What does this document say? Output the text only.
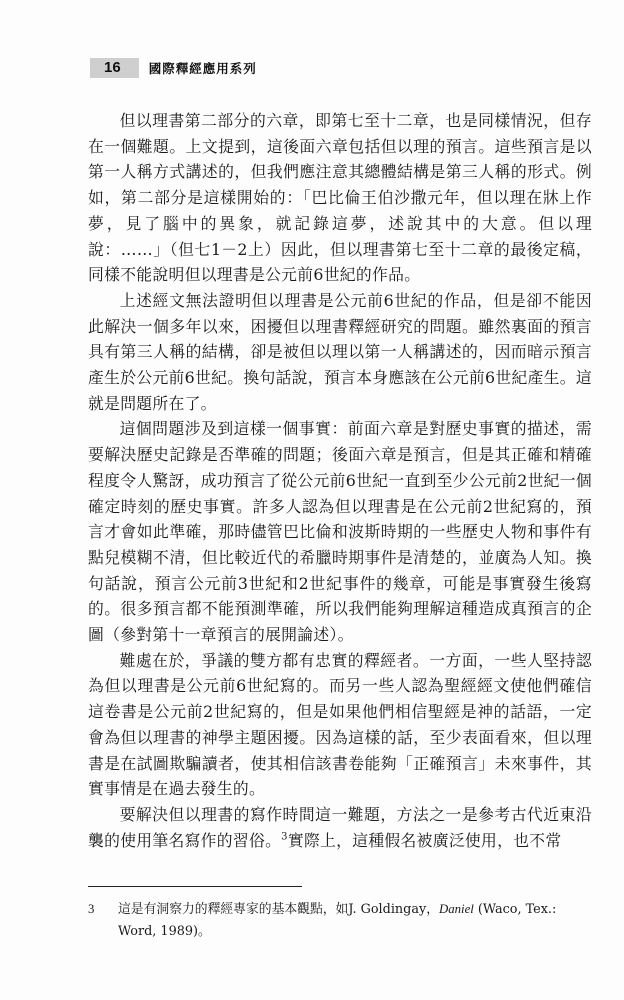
16	國際釋經應用系列

但以理書第二部分的六章，即第七至十二章，也是同樣情況，但存在一個難題。上文提到，這後面六章包括但以理的預言。這些預言是以第一人稱方式講述的，但我們應注意其總體結構是第三人稱的形式。例如，第二部分是這樣開始的：「巴比倫王伯沙撒元年，但以理在牀上作夢，見了腦中的異象，就記錄這夢，述說其中的大意。但以理說：……」（但七1－2上）因此，但以理書第七至十二章的最後定稿，同樣不能說明但以理書是公元前6世紀的作品。

上述經文無法證明但以理書是公元前6世紀的作品，但是卻不能因此解決一個多年以來，困擾但以理書釋經研究的問題。雖然裏面的預言具有第三人稱的結構，卻是被但以理以第一人稱講述的，因而暗示預言產生於公元前6世紀。換句話說，預言本身應該在公元前6世紀產生。這就是問題所在了。

這個問題涉及到這樣一個事實：前面六章是對歷史事實的描述，需要解決歷史記錄是否準確的問題；後面六章是預言，但是其正確和精確程度令人驚訝，成功預言了從公元前6世紀一直到至少公元前2世紀一個確定時刻的歷史事實。許多人認為但以理書是在公元前2世紀寫的，預言才會如此準確，那時儘管巴比倫和波斯時期的一些歷史人物和事件有點兒模糊不清，但比較近代的希臘時期事件是清楚的，並廣為人知。換句話說，預言公元前3世紀和2世紀事件的幾章，可能是事實發生後寫的。很多預言都不能預測準確，所以我們能夠理解這種造成真預言的企圖（參對第十一章預言的展開論述）。

難處在於，爭議的雙方都有忠實的釋經者。一方面，一些人堅持認為但以理書是公元前6世紀寫的。而另一些人認為聖經經文使他們確信這卷書是公元前2世紀寫的，但是如果他們相信聖經是神的話語，一定會為但以理書的神學主題困擾。因為這樣的話，至少表面看來，但以理書是在試圖欺騙讀者，使其相信該書卷能夠「正確預言」未來事件，其實事情是在過去發生的。

要解決但以理書的寫作時間這一難題，方法之一是參考古代近東沿襲的使用筆名寫作的習俗。$^3$實際上，這種假名被廣泛使用，也不常

3	這是有洞察力的釋經專家的基本觀點，如J. Goldingay，Daniel (Waco, Tex.: Word, 1989)。
